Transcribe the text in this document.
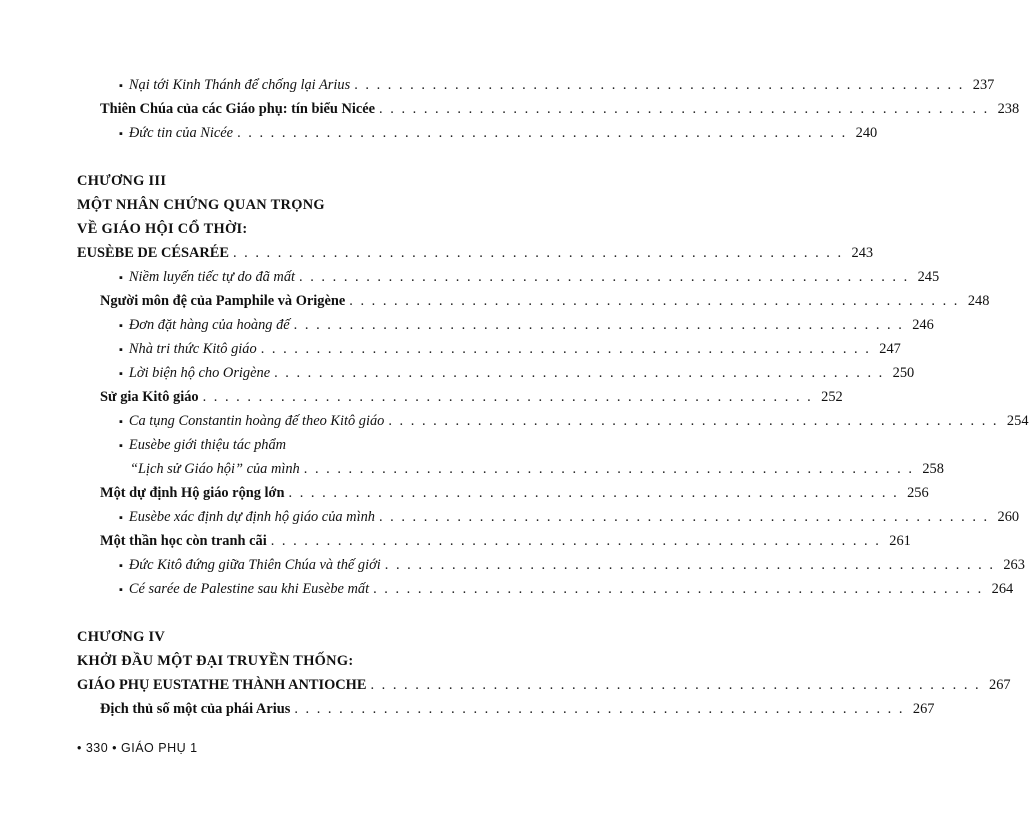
▪ Nại tới Kinh Thánh để chống lại Arius . . . . . . . . . . . . . . . . . . . . . . . . . . . . . . . . . . . . . . . . . . . . . . . . . . . . . . . 237
Thiên Chúa của các Giáo phụ: tín biểu Nicée . . . . . . . . . . . . . . . . . . . . . . . . . . . . . . . . . . . . . . . . . . . . . . . . . . . . . . . 238
▪ Đức tin của Nicée . . . . . . . . . . . . . . . . . . . . . . . . . . . . . . . . . . . . . . . . . . . . . . . . . . . . . . . 240
CHƯƠNG III
MỘT NHÂN CHỨNG QUAN TRỌNG
VỀ GIÁO HỘI CỔ THỜI:
EUSÈBE DE CÉSARÉE . . . . . . . . . . . . . . . . . . . . . . . . . . . . . . . . . . . . . . . . . . . . . . . . . . . . . . . 243
▪ Niềm luyến tiếc tự do đã mất . . . . . . . . . . . . . . . . . . . . . . . . . . . . . . . . . . . . . . . . . . . . . . . . . . . . . . . 245
Người môn đệ của Pamphile và Origène . . . . . . . . . . . . . . . . . . . . . . . . . . . . . . . . . . . . . . . . . . . . . . . . . . . . . . . 248
▪ Đơn đặt hàng của hoàng đế . . . . . . . . . . . . . . . . . . . . . . . . . . . . . . . . . . . . . . . . . . . . . . . . . . . . . . . 246
▪ Nhà tri thức Kitô giáo . . . . . . . . . . . . . . . . . . . . . . . . . . . . . . . . . . . . . . . . . . . . . . . . . . . . . . . 247
▪ Lời biện hộ cho Origène . . . . . . . . . . . . . . . . . . . . . . . . . . . . . . . . . . . . . . . . . . . . . . . . . . . . . . . 250
Sử gia Kitô giáo . . . . . . . . . . . . . . . . . . . . . . . . . . . . . . . . . . . . . . . . . . . . . . . . . . . . . . . 252
▪ Ca tụng Constantin hoàng đế theo Kitô giáo . . . . . . . . . . . . . . . . . . . . . . . . . . . . . . . . . . . . . . . . . . . . . . . . . . . . . . . 254
▪ Eusèbe giới thiệu tác phẩm
“Lịch sử Giáo hội” của mình . . . . . . . . . . . . . . . . . . . . . . . . . . . . . . . . . . . . . . . . . . . . . . . . . . . . . . . 258
Một dự định Hộ giáo rộng lớn . . . . . . . . . . . . . . . . . . . . . . . . . . . . . . . . . . . . . . . . . . . . . . . . . . . . . . . 256
▪ Eusèbe xác định dự định hộ giáo của mình . . . . . . . . . . . . . . . . . . . . . . . . . . . . . . . . . . . . . . . . . . . . . . . . . . . . . . . 260
Một thần học còn tranh cãi . . . . . . . . . . . . . . . . . . . . . . . . . . . . . . . . . . . . . . . . . . . . . . . . . . . . . . . 261
▪ Đức Kitô đứng giữa Thiên Chúa và thế giới . . . . . . . . . . . . . . . . . . . . . . . . . . . . . . . . . . . . . . . . . . . . . . . . . . . . . . . 263
▪ Cé sarée de Palestine sau khi Eusèbe mất . . . . . . . . . . . . . . . . . . . . . . . . . . . . . . . . . . . . . . . . . . . . . . . . . . . . . . . 264
CHƯƠNG IV
KHỞI ĐẦU MỘT ĐẠI TRUYỀN THỐNG:
GIÁO PHỤ EUSTATHE THÀNH ANTIOCHE . . . . . . . . . . . . . . . . . . . . . . . . . . . . . . . . . . . . . . . . . . . . . . . . . . . . . . . 267
Địch thủ số một của phái Arius . . . . . . . . . . . . . . . . . . . . . . . . . . . . . . . . . . . . . . . . . . . . . . . . . . . . . . . 267
• 330 • GIÁO PHỤ 1
